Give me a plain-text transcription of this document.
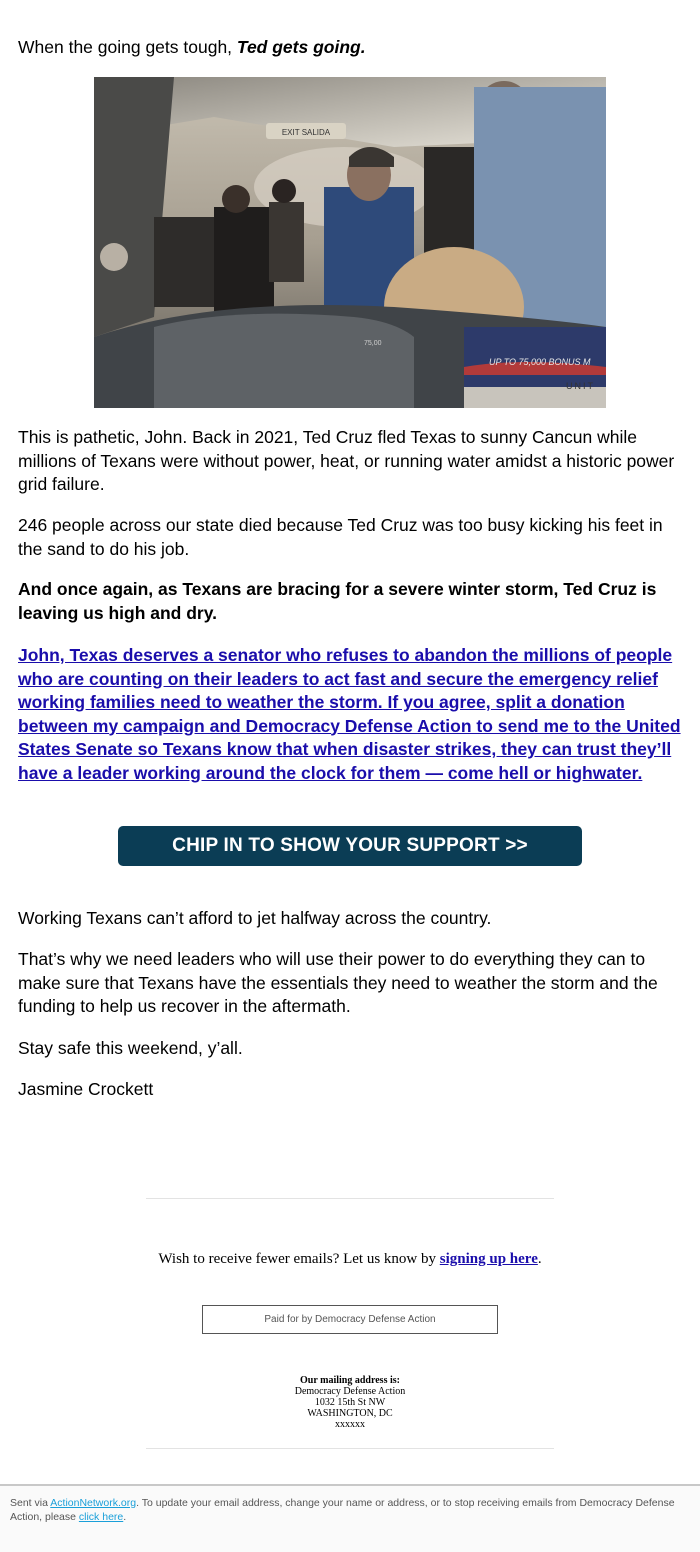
When the going gets tough, Ted gets going.

EXIT SALIDA
UP TO 75,000 BONUS M
75,00
UNIT

This is pathetic, John. Back in 2021, Ted Cruz fled Texas to sunny Cancun while millions of Texans were without power, heat, or running water amidst a historic power grid failure.

246 people across our state died because Ted Cruz was too busy kicking his feet in the sand to do his job.

And once again, as Texans are bracing for a severe winter storm, Ted Cruz is leaving us high and dry.

John, Texas deserves a senator who refuses to abandon the millions of people who are counting on their leaders to act fast and secure the emergency relief working families need to weather the storm. If you agree, split a donation between my campaign and Democracy Defense Action to send me to the United States Senate so Texans know that when disaster strikes, they can trust they’ll have a leader working around the clock for them — come hell or highwater.

CHIP IN TO SHOW YOUR SUPPORT >>

Working Texans can’t afford to jet halfway across the country.

That’s why we need leaders who will use their power to do everything they can to make sure that Texans have the essentials they need to weather the storm and the funding to help us recover in the aftermath.

Stay safe this weekend, y’all.

Jasmine Crockett

Wish to receive fewer emails? Let us know by signing up here.

Paid for by Democracy Defense Action
Our mailing address is:
Democracy Defense Action
1032 15th St NW
WASHINGTON, DC
xxxxxx

Sent via ActionNetwork.org. To update your email address, change your name or address, or to stop receiving emails from Democracy Defense Action, please click here.
